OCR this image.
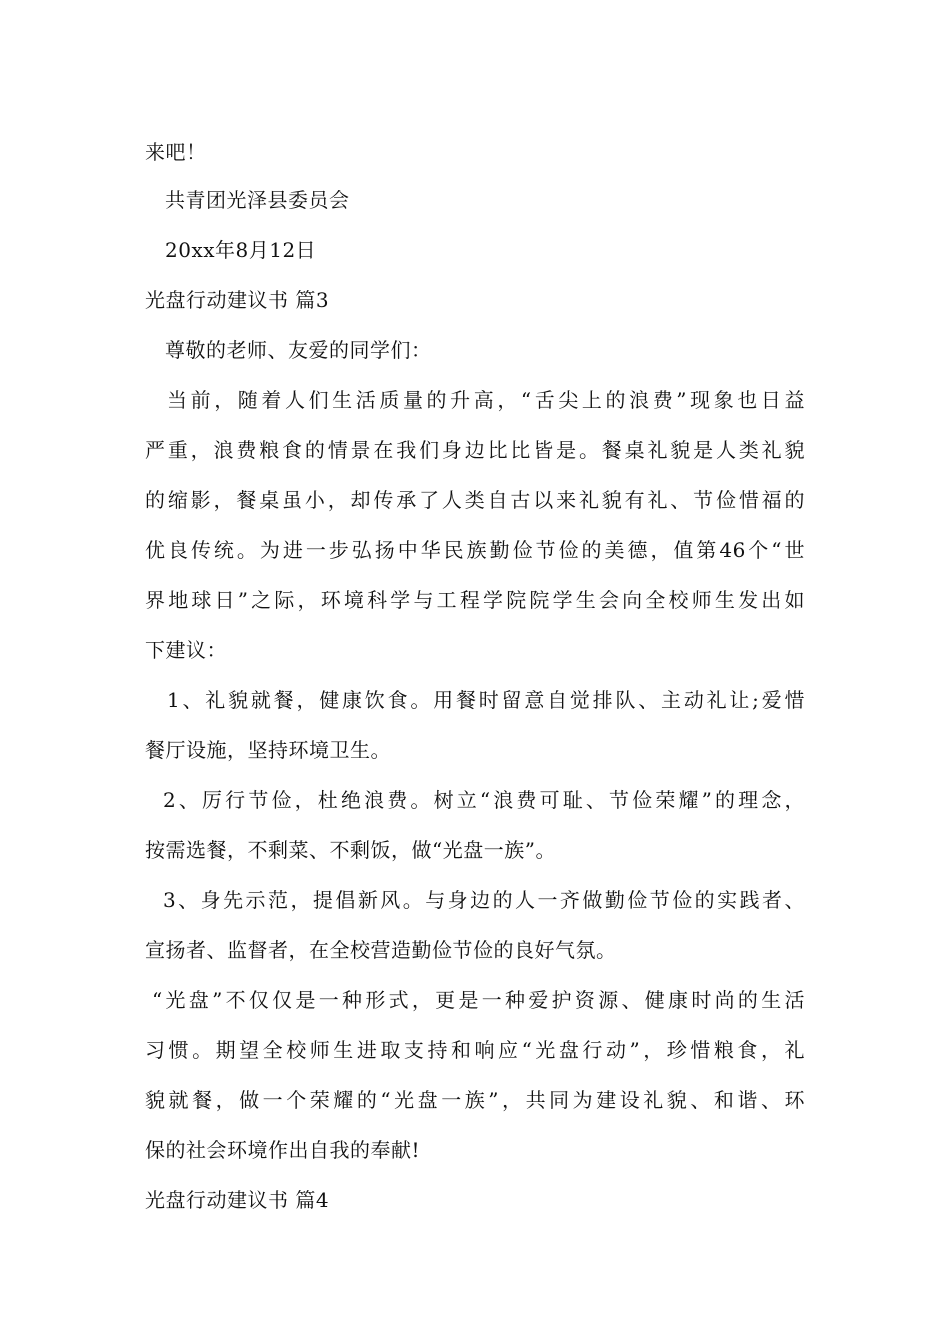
来吧！
共青团光泽县委员会
20xx年8月12日
光盘行动建议书 篇3
尊敬的老师、友爱的同学们：
当前，随着人们生活质量的升高，“舌尖上的浪费”现象也日益
严重，浪费粮食的情景在我们身边比比皆是。餐桌礼貌是人类礼貌
的缩影，餐桌虽小，却传承了人类自古以来礼貌有礼、节俭惜福的
优良传统。为进一步弘扬中华民族勤俭节俭的美德，值第46个“世
界地球日”之际，环境科学与工程学院院学生会向全校师生发出如
下建议：
1、礼貌就餐，健康饮食。用餐时留意自觉排队、主动礼让;爱惜
餐厅设施，坚持环境卫生。
2、厉行节俭，杜绝浪费。树立“浪费可耻、节俭荣耀”的理念，
按需选餐，不剩菜、不剩饭，做“光盘一族”。
3、身先示范，提倡新风。与身边的人一齐做勤俭节俭的实践者、
宣扬者、监督者，在全校营造勤俭节俭的良好气氛。
“光盘”不仅仅是一种形式，更是一种爱护资源、健康时尚的生活
习惯。期望全校师生进取支持和响应“光盘行动”，珍惜粮食，礼
貌就餐，做一个荣耀的“光盘一族”，共同为建设礼貌、和谐、环
保的社会环境作出自我的奉献!
光盘行动建议书 篇4
